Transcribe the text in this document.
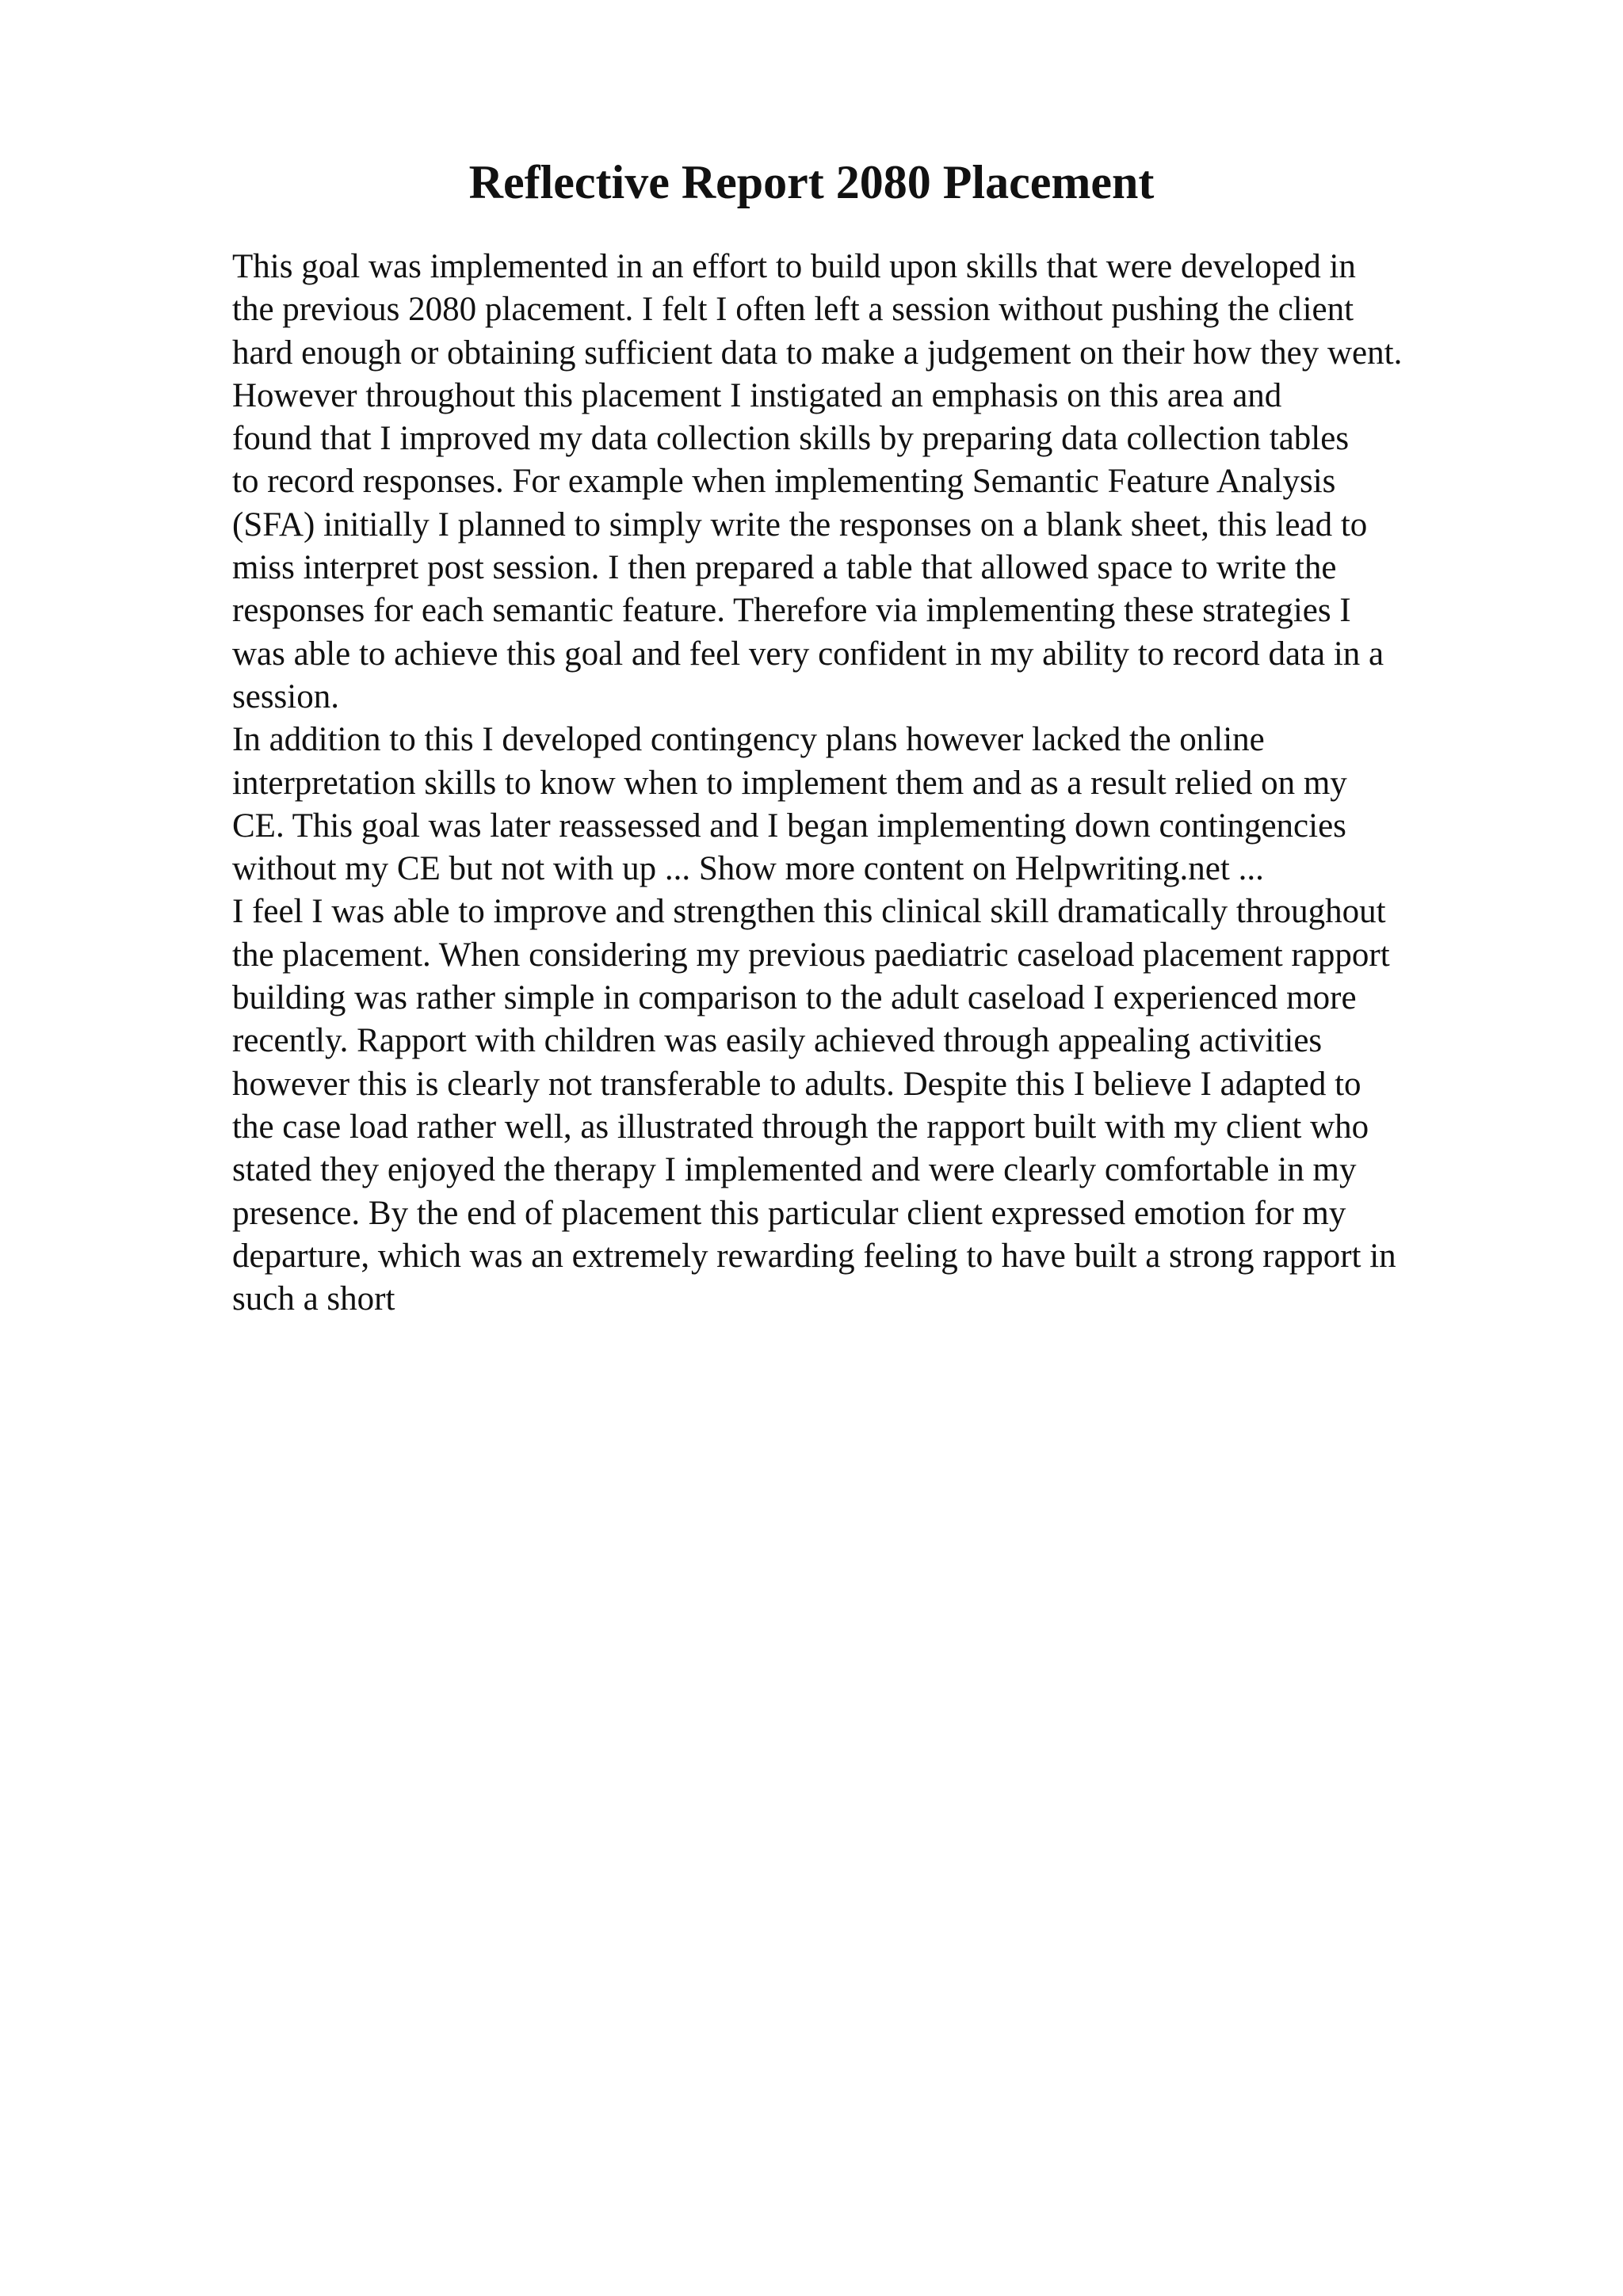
Reflective Report 2080 Placement
This goal was implemented in an effort to build upon skills that were developed in
the previous 2080 placement. I felt I often left a session without pushing the client
hard enough or obtaining sufficient data to make a judgement on their how they went.
However throughout this placement I instigated an emphasis on this area and
found that I improved my data collection skills by preparing data collection tables
to record responses. For example when implementing Semantic Feature Analysis
(SFA) initially I planned to simply write the responses on a blank sheet, this lead to
miss interpret post session. I then prepared a table that allowed space to write the
responses for each semantic feature. Therefore via implementing these strategies I
was able to achieve this goal and feel very confident in my ability to record data in a
session.
In addition to this I developed contingency plans however lacked the online
interpretation skills to know when to implement them and as a result relied on my
CE. This goal was later reassessed and I began implementing down contingencies
without my CE but not with up ... Show more content on Helpwriting.net ...
I feel I was able to improve and strengthen this clinical skill dramatically throughout
the placement. When considering my previous paediatric caseload placement rapport
building was rather simple in comparison to the adult caseload I experienced more
recently. Rapport with children was easily achieved through appealing activities
however this is clearly not transferable to adults. Despite this I believe I adapted to
the case load rather well, as illustrated through the rapport built with my client who
stated they enjoyed the therapy I implemented and were clearly comfortable in my
presence. By the end of placement this particular client expressed emotion for my
departure, which was an extremely rewarding feeling to have built a strong rapport in
such a short
